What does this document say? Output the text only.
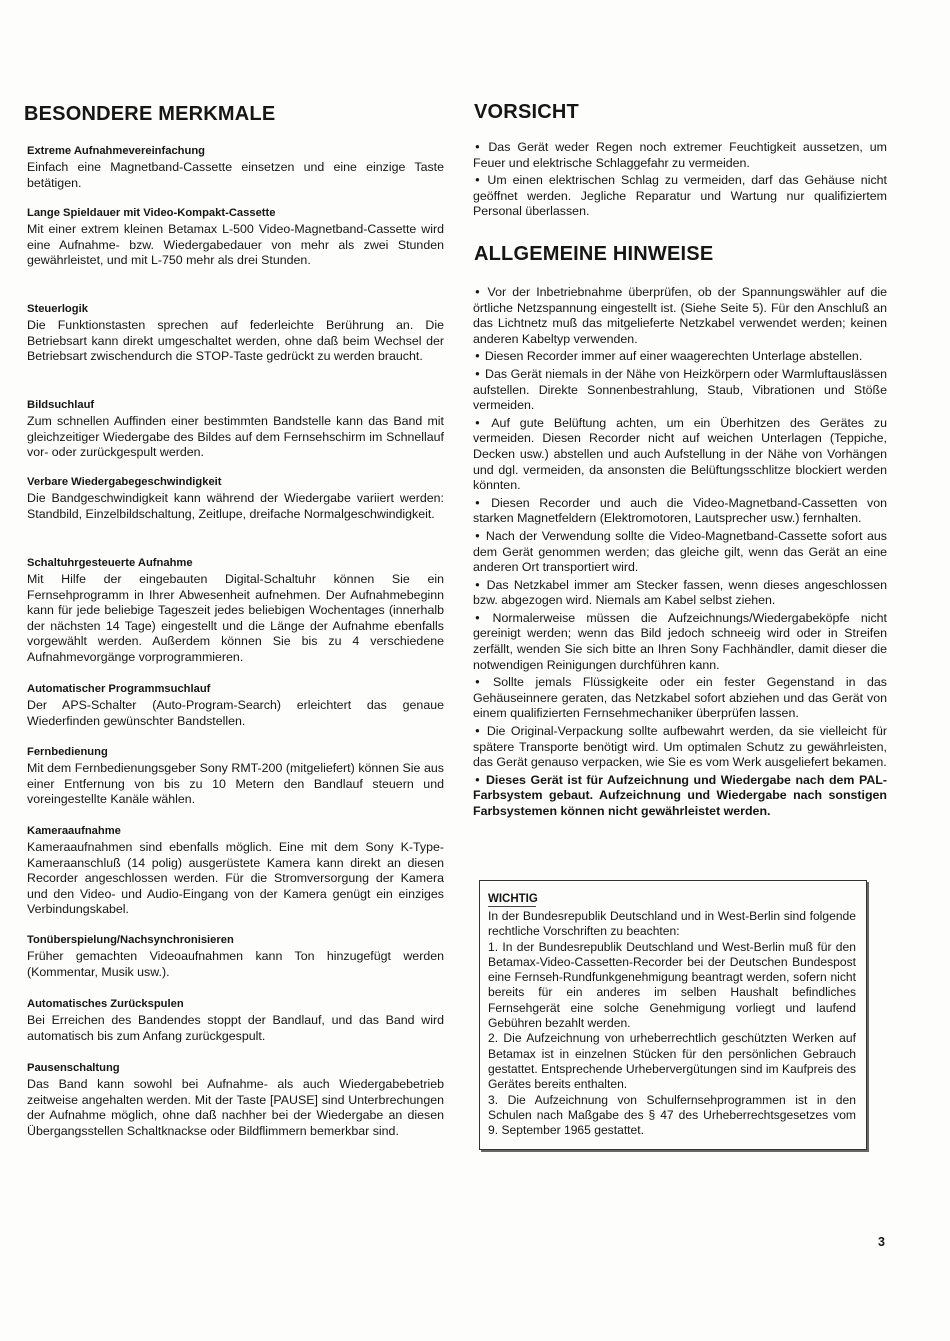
BESONDERE MERKMALE
Extreme Aufnahmevereinfachung

Einfach eine Magnetband-Cassette einsetzen und eine einzige Taste betätigen.

Lange Spieldauer mit Video-Kompakt-Cassette

Mit einer extrem kleinen Betamax L-500 Video-Magnetband-Cassette wird eine Aufnahme- bzw. Wiedergabedauer von mehr als zwei Stunden gewährleistet, und mit L-750 mehr als drei Stunden.

Steuerlogik

Die Funktionstasten sprechen auf federleichte Berührung an. Die Betriebsart kann direkt umgeschaltet werden, ohne daß beim Wechsel der Betriebsart zwischendurch die STOP-Taste gedrückt zu werden braucht.

Bildsuchlauf

Zum schnellen Auffinden einer bestimmten Bandstelle kann das Band mit gleichzeitiger Wiedergabe des Bildes auf dem Fernsehschirm im Schnellauf vor- oder zurückgespult werden.

Verbare Wiedergabegeschwindigkeit

Die Bandgeschwindigkeit kann während der Wiedergabe variiert werden: Standbild, Einzelbildschaltung, Zeitlupe, dreifache Normalgeschwindigkeit.

Schaltuhrgesteuerte Aufnahme

Mit Hilfe der eingebauten Digital-Schaltuhr können Sie ein Fernsehprogramm in Ihrer Abwesenheit aufnehmen. Der Aufnahmebeginn kann für jede beliebige Tageszeit jedes beliebigen Wochentages (innerhalb der nächsten 14 Tage) eingestellt und die Länge der Aufnahme ebenfalls vorgewählt werden. Außerdem können Sie bis zu 4 verschiedene Aufnahmevorgänge vorprogrammieren.

Automatischer Programmsuchlauf

Der APS-Schalter (Auto-Program-Search) erleichtert das genaue Wiederfinden gewünschter Bandstellen.

Fernbedienung

Mit dem Fernbedienungsgeber Sony RMT-200 (mitgeliefert) können Sie aus einer Entfernung von bis zu 10 Metern den Bandlauf steuern und voreingestellte Kanäle wählen.

Kameraaufnahme

Kameraaufnahmen sind ebenfalls möglich. Eine mit dem Sony K-Type-Kameraanschluß (14 polig) ausgerüstete Kamera kann direkt an diesen Recorder angeschlossen werden. Für die Stromversorgung der Kamera und den Video- und Audio-Eingang von der Kamera genügt ein einziges Verbindungskabel.

Tonüberspielung/Nachsynchronisieren

Früher gemachten Videoaufnahmen kann Ton hinzugefügt werden (Kommentar, Musik usw.).

Automatisches Zurückspulen

Bei Erreichen des Bandendes stoppt der Bandlauf, und das Band wird automatisch bis zum Anfang zurückgespult.

Pausenschaltung

Das Band kann sowohl bei Aufnahme- als auch Wiedergabebetrieb zeitweise angehalten werden. Mit der Taste [PAUSE] sind Unterbrechungen der Aufnahme möglich, ohne daß nachher bei der Wiedergabe an diesen Übergangsstellen Schaltknackse oder Bildflimmern bemerkbar sind.

VORSICHT
● Das Gerät weder Regen noch extremer Feuchtigkeit aussetzen, um Feuer und elektrische Schlaggefahr zu vermeiden.
● Um einen elektrischen Schlag zu vermeiden, darf das Gehäuse nicht geöffnet werden. Jegliche Reparatur und Wartung nur qualifiziertem Personal überlassen.
ALLGEMEINE HINWEISE
● Vor der Inbetriebnahme überprüfen, ob der Spannungswähler auf die örtliche Netzspannung eingestellt ist. (Siehe Seite 5). Für den Anschluß an das Lichtnetz muß das mitgelieferte Netzkabel verwendet werden; keinen anderen Kabeltyp verwenden.
● Diesen Recorder immer auf einer waagerechten Unterlage abstellen.
● Das Gerät niemals in der Nähe von Heizkörpern oder Warmluftauslässen aufstellen. Direkte Sonnenbestrahlung, Staub, Vibrationen und Stöße vermeiden.
● Auf gute Belüftung achten, um ein Überhitzen des Gerätes zu vermeiden. Diesen Recorder nicht auf weichen Unterlagen (Teppiche, Decken usw.) abstellen und auch Aufstellung in der Nähe von Vorhängen und dgl. vermeiden, da ansonsten die Belüftungsschlitze blockiert werden könnten.
● Diesen Recorder und auch die Video-Magnetband-Cassetten von starken Magnetfeldern (Elektromotoren, Lautsprecher usw.) fernhalten.
● Nach der Verwendung sollte die Video-Magnetband-Cassette sofort aus dem Gerät genommen werden; das gleiche gilt, wenn das Gerät an eine anderen Ort transportiert wird.
● Das Netzkabel immer am Stecker fassen, wenn dieses angeschlossen bzw. abgezogen wird. Niemals am Kabel selbst ziehen.
● Normalerweise müssen die Aufzeichnungs/Wiedergabeköpfe nicht gereinigt werden; wenn das Bild jedoch schneeig wird oder in Streifen zerfällt, wenden Sie sich bitte an Ihren Sony Fachhändler, damit dieser die notwendigen Reinigungen durchführen kann.
● Sollte jemals Flüssigkeite oder ein fester Gegenstand in das Gehäuseinnere geraten, das Netzkabel sofort abziehen und das Gerät von einem qualifizierten Fernsehmechaniker überprüfen lassen.
● Die Original-Verpackung sollte aufbewahrt werden, da sie vielleicht für spätere Transporte benötigt wird. Um optimalen Schutz zu gewährleisten, das Gerät genauso verpacken, wie Sie es vom Werk ausgeliefert bekamen.
● Dieses Gerät ist für Aufzeichnung und Wiedergabe nach dem PAL-Farbsystem gebaut. Aufzeichnung und Wiedergabe nach sonstigen Farbsystemen können nicht gewährleistet werden.
WICHTIG

In der Bundesrepublik Deutschland und in West-Berlin sind folgende rechtliche Vorschriften zu beachten:

1. In der Bundesrepublik Deutschland und West-Berlin muß für den Betamax-Video-Cassetten-Recorder bei der Deutschen Bundespost eine Fernseh-Rundfunkgenehmigung beantragt werden, sofern nicht bereits für ein anderes im selben Haushalt befindliches Fernsehgerät eine solche Genehmigung vorliegt und laufend Gebühren bezahlt werden.

2. Die Aufzeichnung von urheberrechtlich geschützten Werken auf Betamax ist in einzelnen Stücken für den persönlichen Gebrauch gestattet. Entsprechende Urhebervergütungen sind im Kaufpreis des Gerätes bereits enthalten.

3. Die Aufzeichnung von Schulfernsehprogrammen ist in den Schulen nach Maßgabe des § 47 des Urheberrechtsgesetzes vom 9. September 1965 gestattet.

3
